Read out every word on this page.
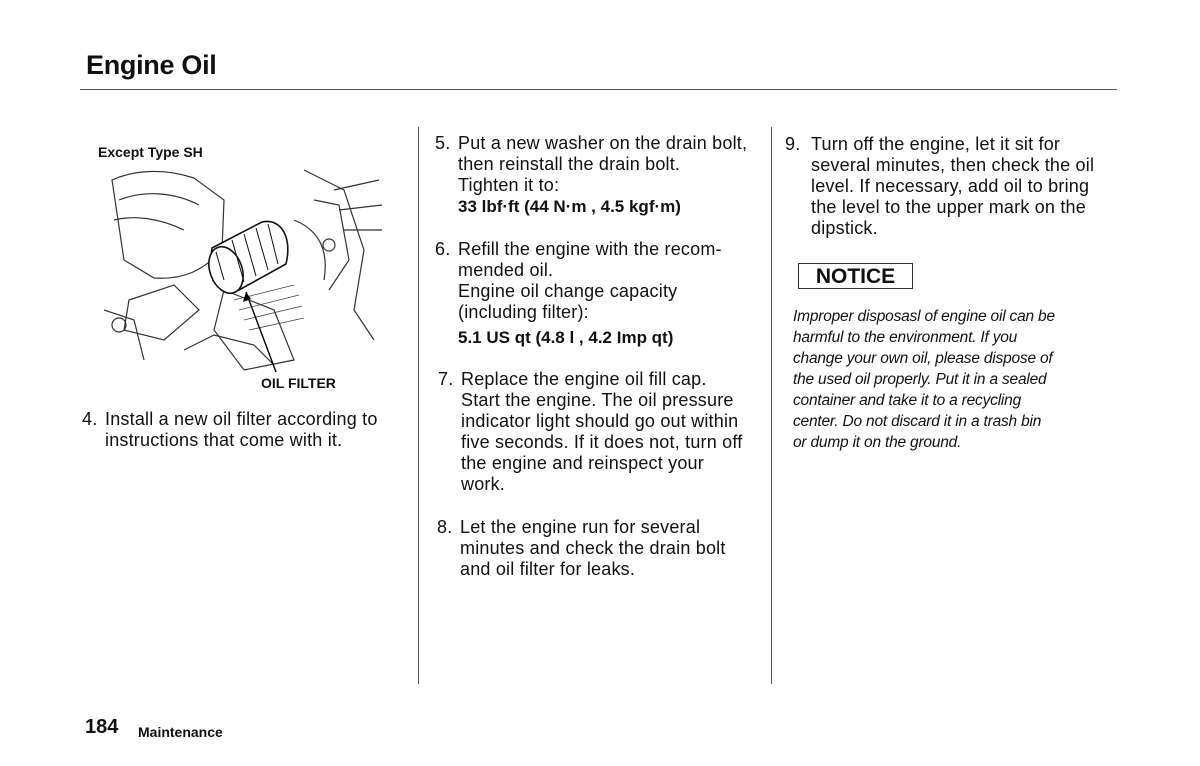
Engine Oil
Except Type SH
OIL FILTER
4. Install a new oil filter according to
instructions that come with it.
5. Put a new washer on the drain bolt,
then reinstall the drain bolt.
Tighten it to:
33 lbf·ft (44 N·m , 4.5 kgf·m)
6. Refill the engine with the recom-
mended oil.
Engine oil change capacity
(including filter):
5.1 US qt (4.8 l , 4.2 Imp qt)
7. Replace the engine oil fill cap.
Start the engine. The oil pressure
indicator light should go out within
five seconds. If it does not, turn off
the engine and reinspect your
work.
8. Let the engine run for several
minutes and check the drain bolt
and oil filter for leaks.
9. Turn off the engine, let it sit for
several minutes, then check the oil
level. If necessary, add oil to bring
the level to the upper mark on the
dipstick.
NOTICE
Improper disposasl of engine oil can be
harmful to the environment. If you
change your own oil, please dispose of
the used oil properly. Put it in a sealed
container and take it to a recycling
center. Do not discard it in a trash bin
or dump it on the ground.
184 Maintenance
